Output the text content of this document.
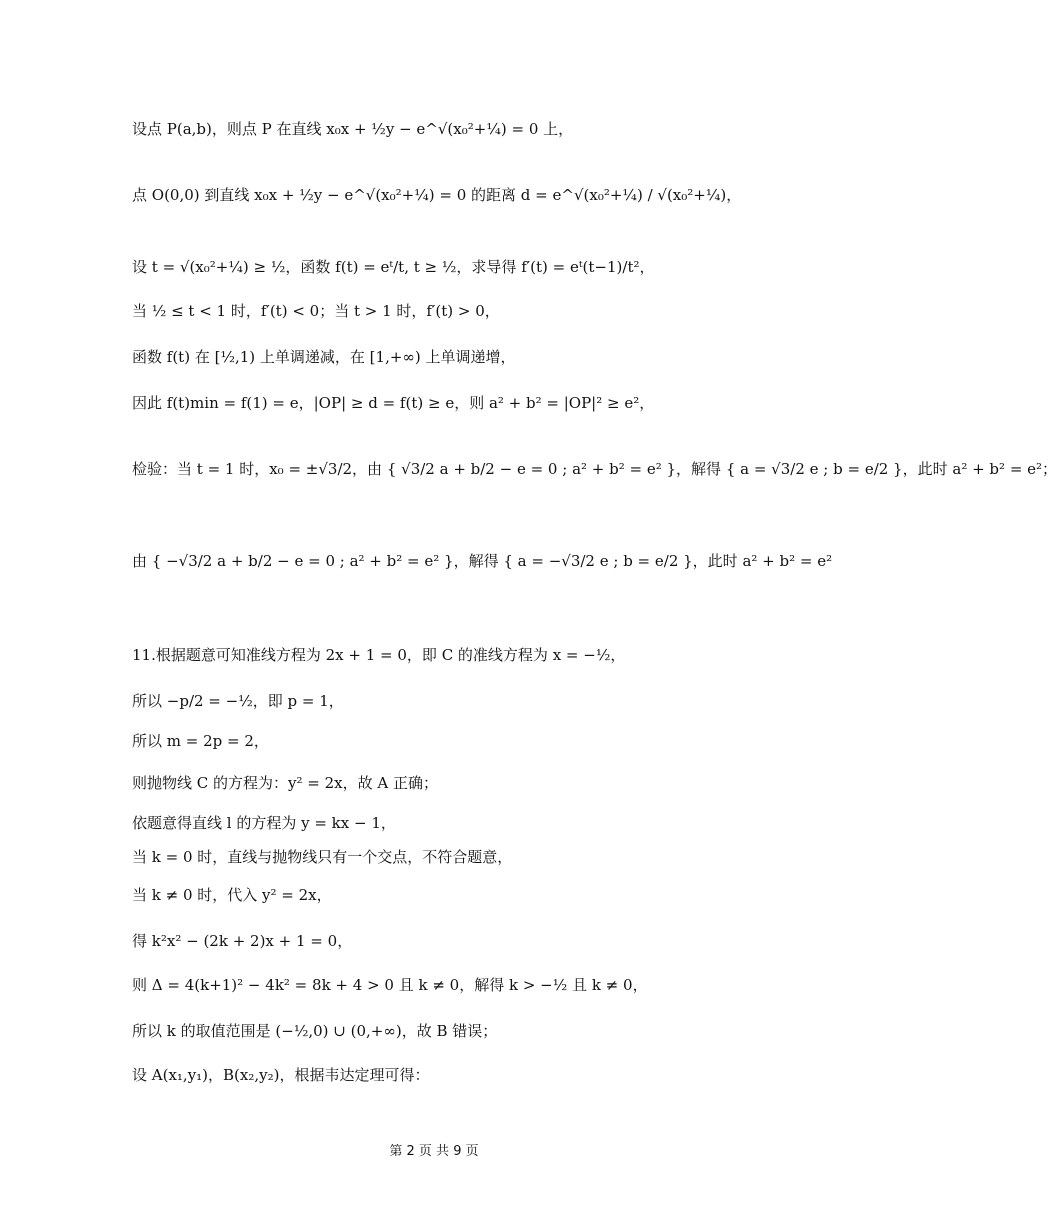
设点 P(a,b)，则点 P 在直线 x₀x + ½y − e^√(x₀²+¼) = 0 上，
点 O(0,0) 到直线 x₀x + ½y − e^√(x₀²+¼) = 0 的距离 d = e^√(x₀²+¼) / √(x₀²+¼)，
设 t = √(x₀²+¼) ≥ ½，函数 f(t) = eᵗ/t, t ≥ ½，求导得 f′(t) = eᵗ(t−1)/t²，
当 ½ ≤ t < 1 时，f′(t) < 0；当 t > 1 时，f′(t) > 0，
函数 f(t) 在 [½,1) 上单调递减，在 [1,+∞) 上单调递增，
因此 f(t)min = f(1) = e，|OP| ≥ d = f(t) ≥ e，则 a² + b² = |OP|² ≥ e²，
检验：当 t = 1 时，x₀ = ±√3/2，由 { √3/2 a + b/2 − e = 0 ; a² + b² = e² }，解得 { a = √3/2 e ; b = e/2 }，此时 a² + b² = e²；
由 { −√3/2 a + b/2 − e = 0 ; a² + b² = e² }，解得 { a = −√3/2 e ; b = e/2 }，此时 a² + b² = e²
11.根据题意可知准线方程为 2x + 1 = 0，即 C 的准线方程为 x = −½，
所以 −p/2 = −½，即 p = 1，
所以 m = 2p = 2，
则抛物线 C 的方程为：y² = 2x，故 A 正确；
依题意得直线 l 的方程为 y = kx − 1，
当 k = 0 时，直线与抛物线只有一个交点，不符合题意，
当 k ≠ 0 时，代入 y² = 2x，
得 k²x² − (2k + 2)x + 1 = 0，
则 Δ = 4(k+1)² − 4k² = 8k + 4 > 0 且 k ≠ 0，解得 k > −½ 且 k ≠ 0，
所以 k 的取值范围是 (−½,0) ∪ (0,+∞)，故 B 错误；
设 A(x₁,y₁)，B(x₂,y₂)，根据韦达定理可得：
第 2 页 共 9 页
